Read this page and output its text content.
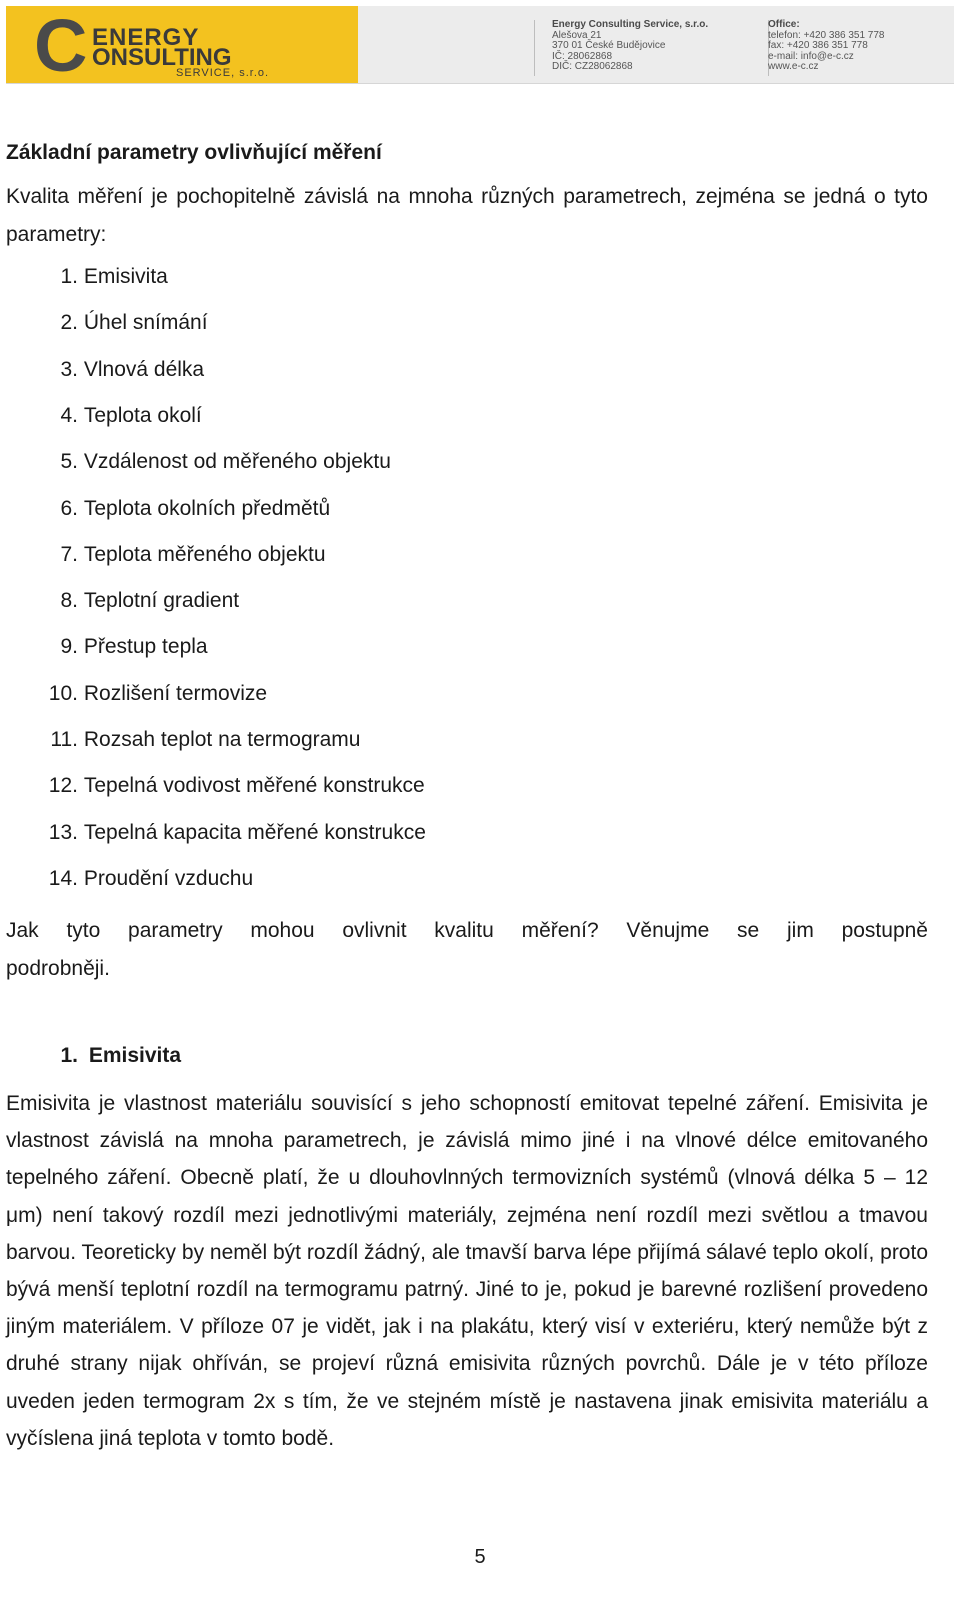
C ENERGY
ONSULTING
SERVICE, s.r.o.
Energy Consulting Service, s.r.o.
Alešova 21
370 01 České Budějovice
IČ: 28062868
DIČ: CZ28062868
Office:
telefon: +420 386 351 778
fax: +420 386 351 778
e-mail: info@e-c.cz
www.e-c.cz
Základní parametry ovlivňující měření
Kvalita měření je pochopitelně závislá na mnoha různých parametrech, zejména se jedná o tyto parametry:
1. Emisivita
2. Úhel snímání
3. Vlnová délka
4. Teplota okolí
5. Vzdálenost od měřeného objektu
6. Teplota okolních předmětů
7. Teplota měřeného objektu
8. Teplotní gradient
9. Přestup tepla
10. Rozlišení termovize
11. Rozsah teplot na termogramu
12. Tepelná vodivost měřené konstrukce
13. Tepelná kapacita měřené konstrukce
14. Proudění vzduchu
Jak tyto parametry mohou ovlivnit kvalitu měření? Věnujme se jim postupně
podrobněji.
1. Emisivita
Emisivita je vlastnost materiálu souvisící s jeho schopností emitovat tepelné záření. Emisivita je vlastnost závislá na mnoha parametrech, je závislá mimo jiné i na vlnové délce emitovaného tepelného záření. Obecně platí, že u dlouhovlnných termovizních systémů (vlnová délka 5 – 12 μm) není takový rozdíl mezi jednotlivými materiály, zejména není rozdíl mezi světlou a tmavou barvou. Teoreticky by neměl být rozdíl žádný, ale tmavší barva lépe přijímá sálavé teplo okolí, proto bývá menší teplotní rozdíl na termogramu patrný. Jiné to je, pokud je barevné rozlišení provedeno jiným materiálem. V příloze 07 je vidět, jak i na plakátu, který visí v exteriéru, který nemůže být z druhé strany nijak ohříván, se projeví různá emisivita různých povrchů. Dále je v této příloze uveden jeden termogram 2x s tím, že ve stejném místě je nastavena jinak emisivita materiálu a vyčíslena jiná teplota v tomto bodě.
5
